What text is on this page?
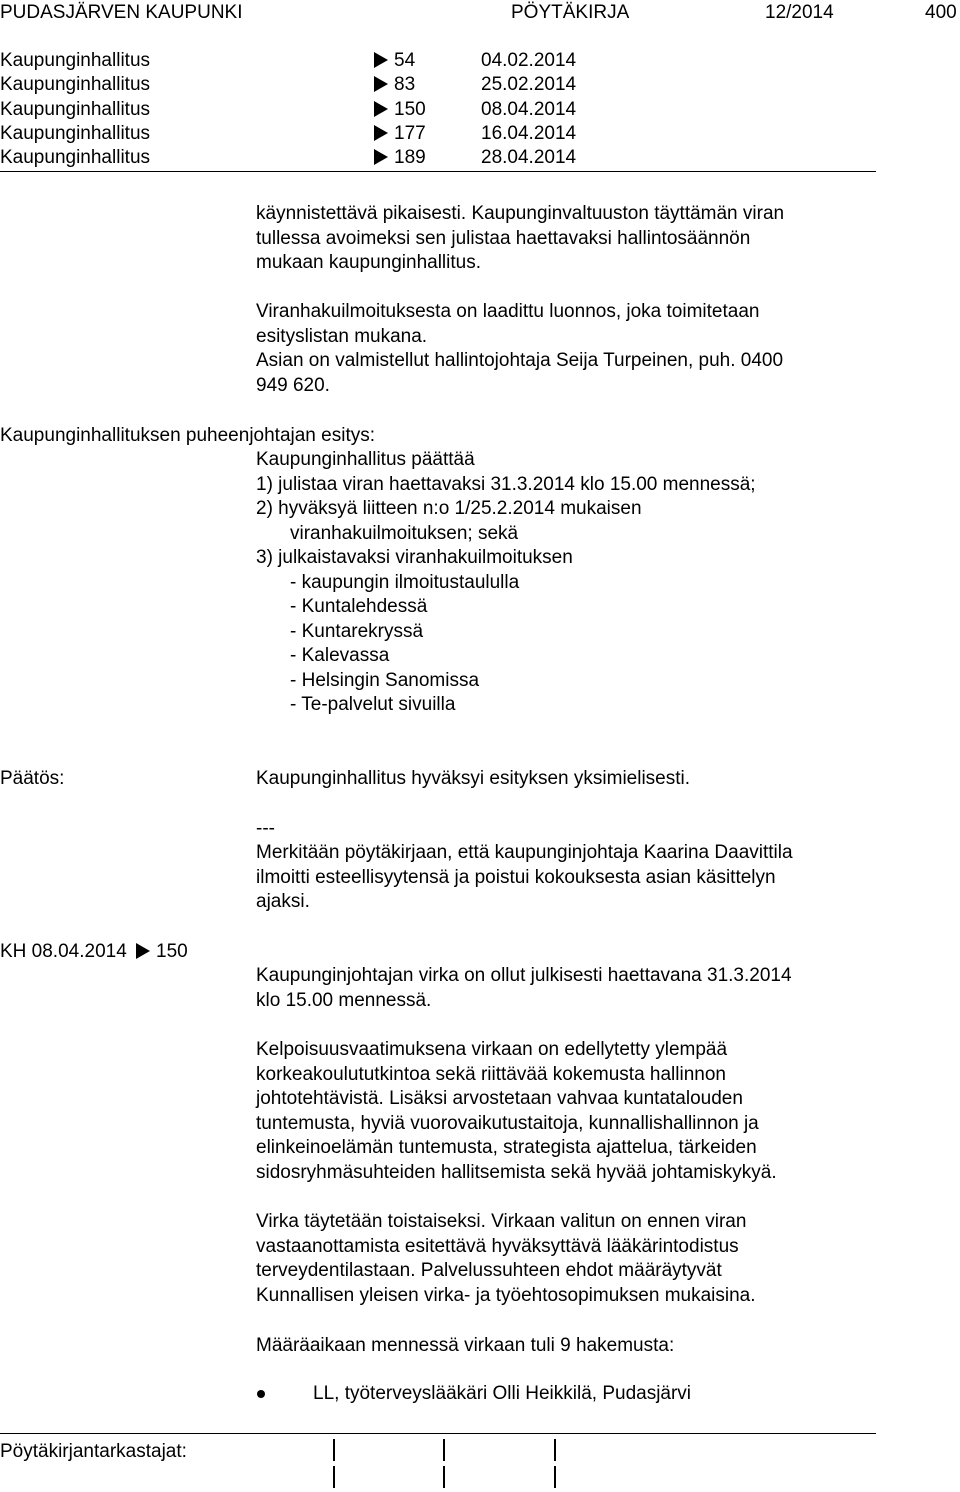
PUDASJÄRVEN KAUPUNKI	PÖYTÄKIRJA	12/2014	400
Kaupunginhallitus	54	04.02.2014
Kaupunginhallitus	83	25.02.2014
Kaupunginhallitus	150	08.04.2014
Kaupunginhallitus	177	16.04.2014
Kaupunginhallitus	189	28.04.2014

käynnistettävä pikaisesti. Kaupunginvaltuuston täyttämän viran

tullessa avoimeksi sen julistaa haettavaksi hallintosäännön

mukaan kaupunginhallitus.

Viranhakuilmoituksesta on laadittu luonnos, joka toimitetaan

esityslistan mukana.

Asian on valmistellut hallintojohtaja Seija Turpeinen, puh. 0400

949 620.

Kaupunginhallituksen puheenjohtajan esitys:
Kaupunginhallitus päättää
1) julistaa viran haettavaksi 31.3.2014 klo 15.00 mennessä;
2) hyväksyä liitteen n:o 1/25.2.2014 mukaisen
viranhakuilmoituksen; sekä
3) julkaistavaksi viranhakuilmoituksen
- kaupungin ilmoitustaululla
- Kuntalehdessä
- Kuntarekryssä
- Kalevassa
- Helsingin Sanomissa
- Te-palvelut sivuilla
Päätös:	Kaupunginhallitus hyväksyi esityksen yksimielisesti.
---

Merkitään pöytäkirjaan, että kaupunginjohtaja Kaarina Daavittila

ilmoitti esteellisyytensä ja poistui kokouksesta asian käsittelyn

ajaksi.

KH 08.04.2014 150

Kaupunginjohtajan virka on ollut julkisesti haettavana 31.3.2014

klo 15.00 mennessä.

Kelpoisuusvaatimuksena virkaan on edellytetty ylempää

korkeakoulututkintoa sekä riittävää kokemusta hallinnon

johtotehtävistä. Lisäksi arvostetaan vahvaa kuntatalouden

tuntemusta, hyviä vuorovaikutustaitoja, kunnallishallinnon ja

elinkeinoelämän tuntemusta, strategista ajattelua, tärkeiden

sidosryhmäsuhteiden hallitsemista sekä hyvää johtamiskykyä.

Virka täytetään toistaiseksi. Virkaan valitun on ennen viran

vastaanottamista esitettävä hyväksyttävä lääkärintodistus

terveydentilastaan. Palvelussuhteen ehdot määräytyvät

Kunnallisen yleisen virka- ja työehtosopimuksen mukaisina.

Määräaikaan mennessä virkaan tuli 9 hakemusta:
LL, työterveyslääkäri Olli Heikkilä, Pudasjärvi
Pöytäkirjantarkastajat:
